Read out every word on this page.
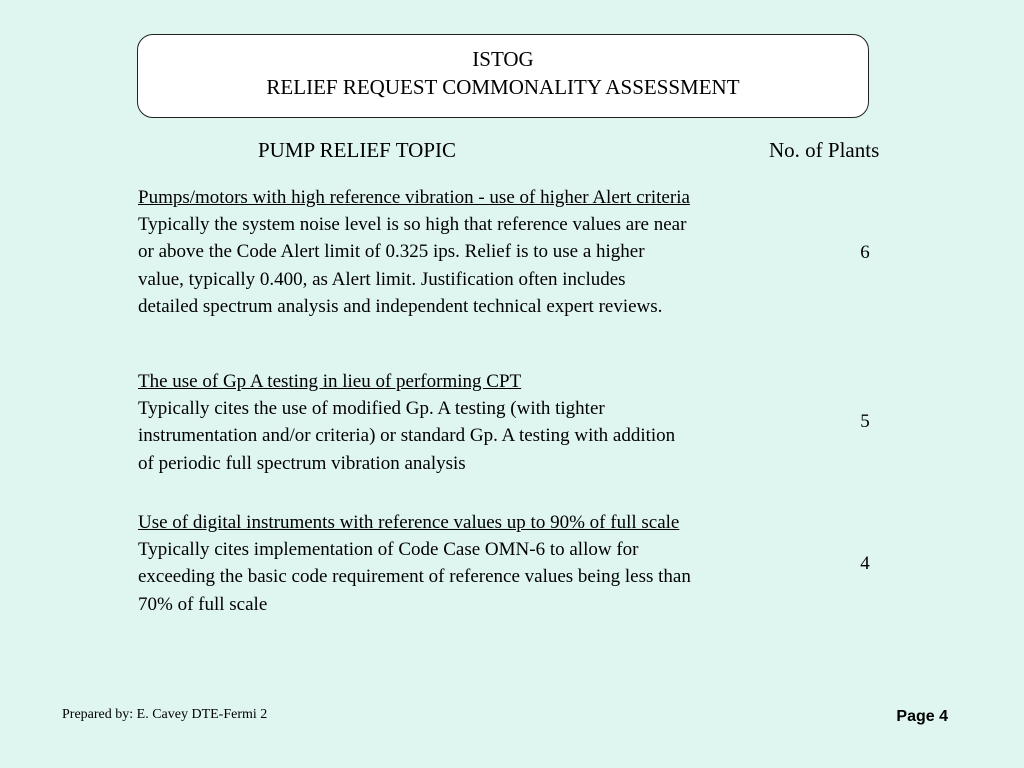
ISTOG
RELIEF REQUEST COMMONALITY ASSESSMENT
PUMP RELIEF TOPIC	No. of Plants
Pumps/motors with high reference vibration - use of higher Alert criteria

Typically the system noise level is so high that reference values are near

or above the Code Alert limit of 0.325 ips. Relief is to use a higher

value, typically 0.400, as Alert limit. Justification often includes

detailed spectrum analysis and independent technical expert reviews.

6
The use of Gp A testing in lieu of performing CPT

Typically cites the use of modified Gp. A testing (with tighter

instrumentation and/or criteria) or standard Gp. A testing with addition

of periodic full spectrum vibration analysis

5
Use of digital instruments with reference values up to 90% of full scale

Typically cites implementation of Code Case OMN-6 to allow for

exceeding the basic code requirement of reference values being less than

70% of full scale

4
Prepared by: E. Cavey DTE-Fermi 2	Page 4
